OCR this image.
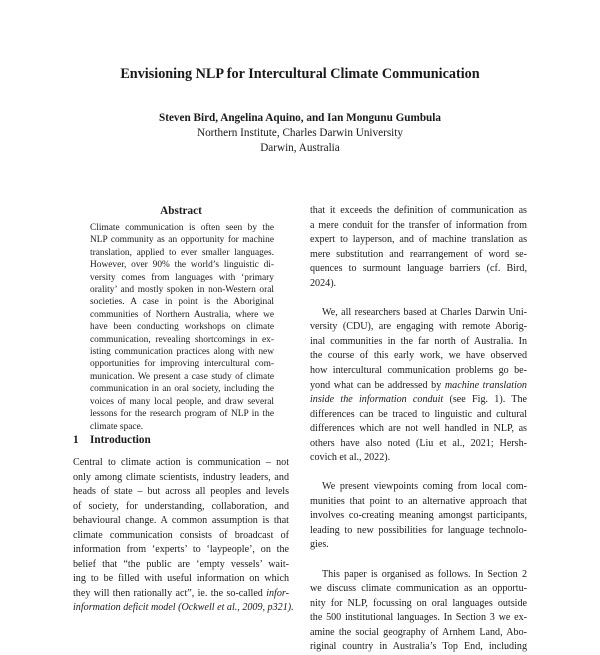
Envisioning NLP for Intercultural Climate Communication
Steven Bird, Angelina Aquino, and Ian Mongunu Gumbula
Northern Institute, Charles Darwin University
Darwin, Australia
Abstract
Climate communication is often seen by the
NLP community as an opportunity for machine
translation, applied to ever smaller languages.
However, over 90% the world’s linguistic di-
versity comes from languages with ‘primary
orality’ and mostly spoken in non-Western oral
societies. A case in point is the Aboriginal
communities of Northern Australia, where we
have been conducting workshops on climate
communication, revealing shortcomings in ex-
isting communication practices along with new
opportunities for improving intercultural com-
munication. We present a case study of climate
communication in an oral society, including the
voices of many local people, and draw several
lessons for the research program of NLP in the
climate space.
1 Introduction
Central to climate action is communication – not
only among climate scientists, industry leaders, and
heads of state – but across all peoples and levels
of society, for understanding, collaboration, and
behavioural change. A common assumption is that
climate communication consists of broadcast of
information from ‘experts’ to ‘laypeople’, on the
belief that “the public are ‘empty vessels’ wait-
ing to be filled with useful information on which
they will then rationally act”, ie. the so-called infor-
information deficit model (Ockwell et al., 2009, p321).
that it exceeds the definition of communication as
a mere conduit for the transfer of information from
expert to layperson, and of machine translation as
mere substitution and rearrangement of word se-
quences to surmount language barriers (cf. Bird,
2024).
We, all researchers based at Charles Darwin Uni-
versity (CDU), are engaging with remote Aborig-
inal communities in the far north of Australia. In
the course of this early work, we have observed
how intercultural communication problems go be-
yond what can be addressed by machine translation
inside the information conduit (see Fig. 1). The
differences can be traced to linguistic and cultural
differences which are not well handled in NLP, as
others have also noted (Liu et al., 2021; Hersh-
covich et al., 2022).
We present viewpoints coming from local com-
munities that point to an alternative approach that
involves co-creating meaning amongst participants,
leading to new possibilities for language technolo-
gies.
This paper is organised as follows. In Section 2
we discuss climate communication as an opportu-
nity for NLP, focussing on oral languages outside
the 500 institutional languages. In Section 3 we ex-
amine the social geography of Arnhem Land, Abo-
riginal country in Australia’s Top End, including
